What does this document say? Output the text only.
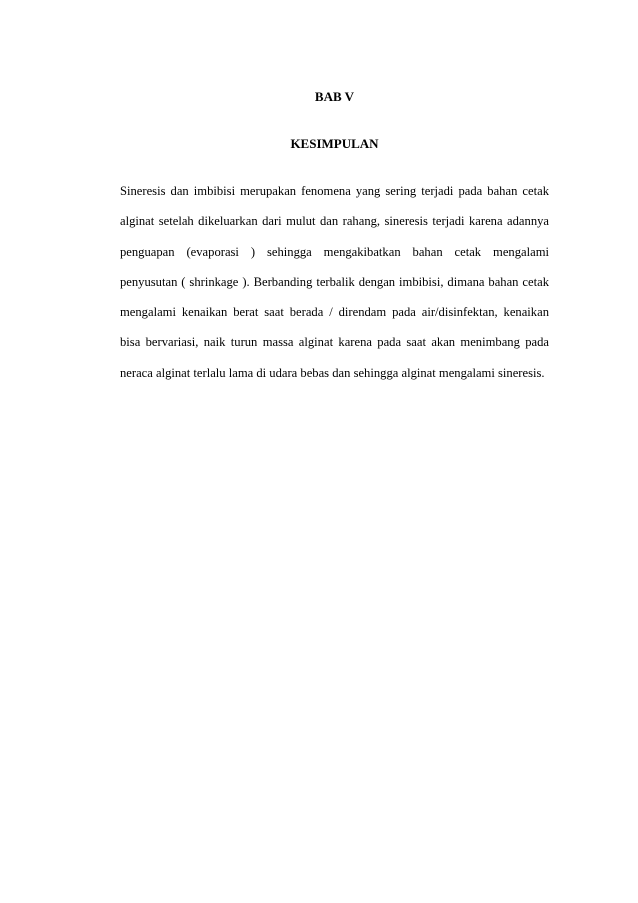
BAB V
KESIMPULAN
Sineresis dan imbibisi merupakan fenomena yang sering terjadi pada bahan cetak
alginat setelah dikeluarkan dari mulut dan rahang, sineresis terjadi karena adannya
penguapan (evaporasi ) sehingga mengakibatkan bahan cetak mengalami
penyusutan ( shrinkage ). Berbanding terbalik dengan imbibisi, dimana bahan cetak
mengalami kenaikan berat saat berada / direndam pada air/disinfektan, kenaikan
bisa bervariasi, naik turun massa alginat karena pada saat akan menimbang pada
neraca alginat terlalu lama di udara bebas dan sehingga alginat mengalami sineresis.
